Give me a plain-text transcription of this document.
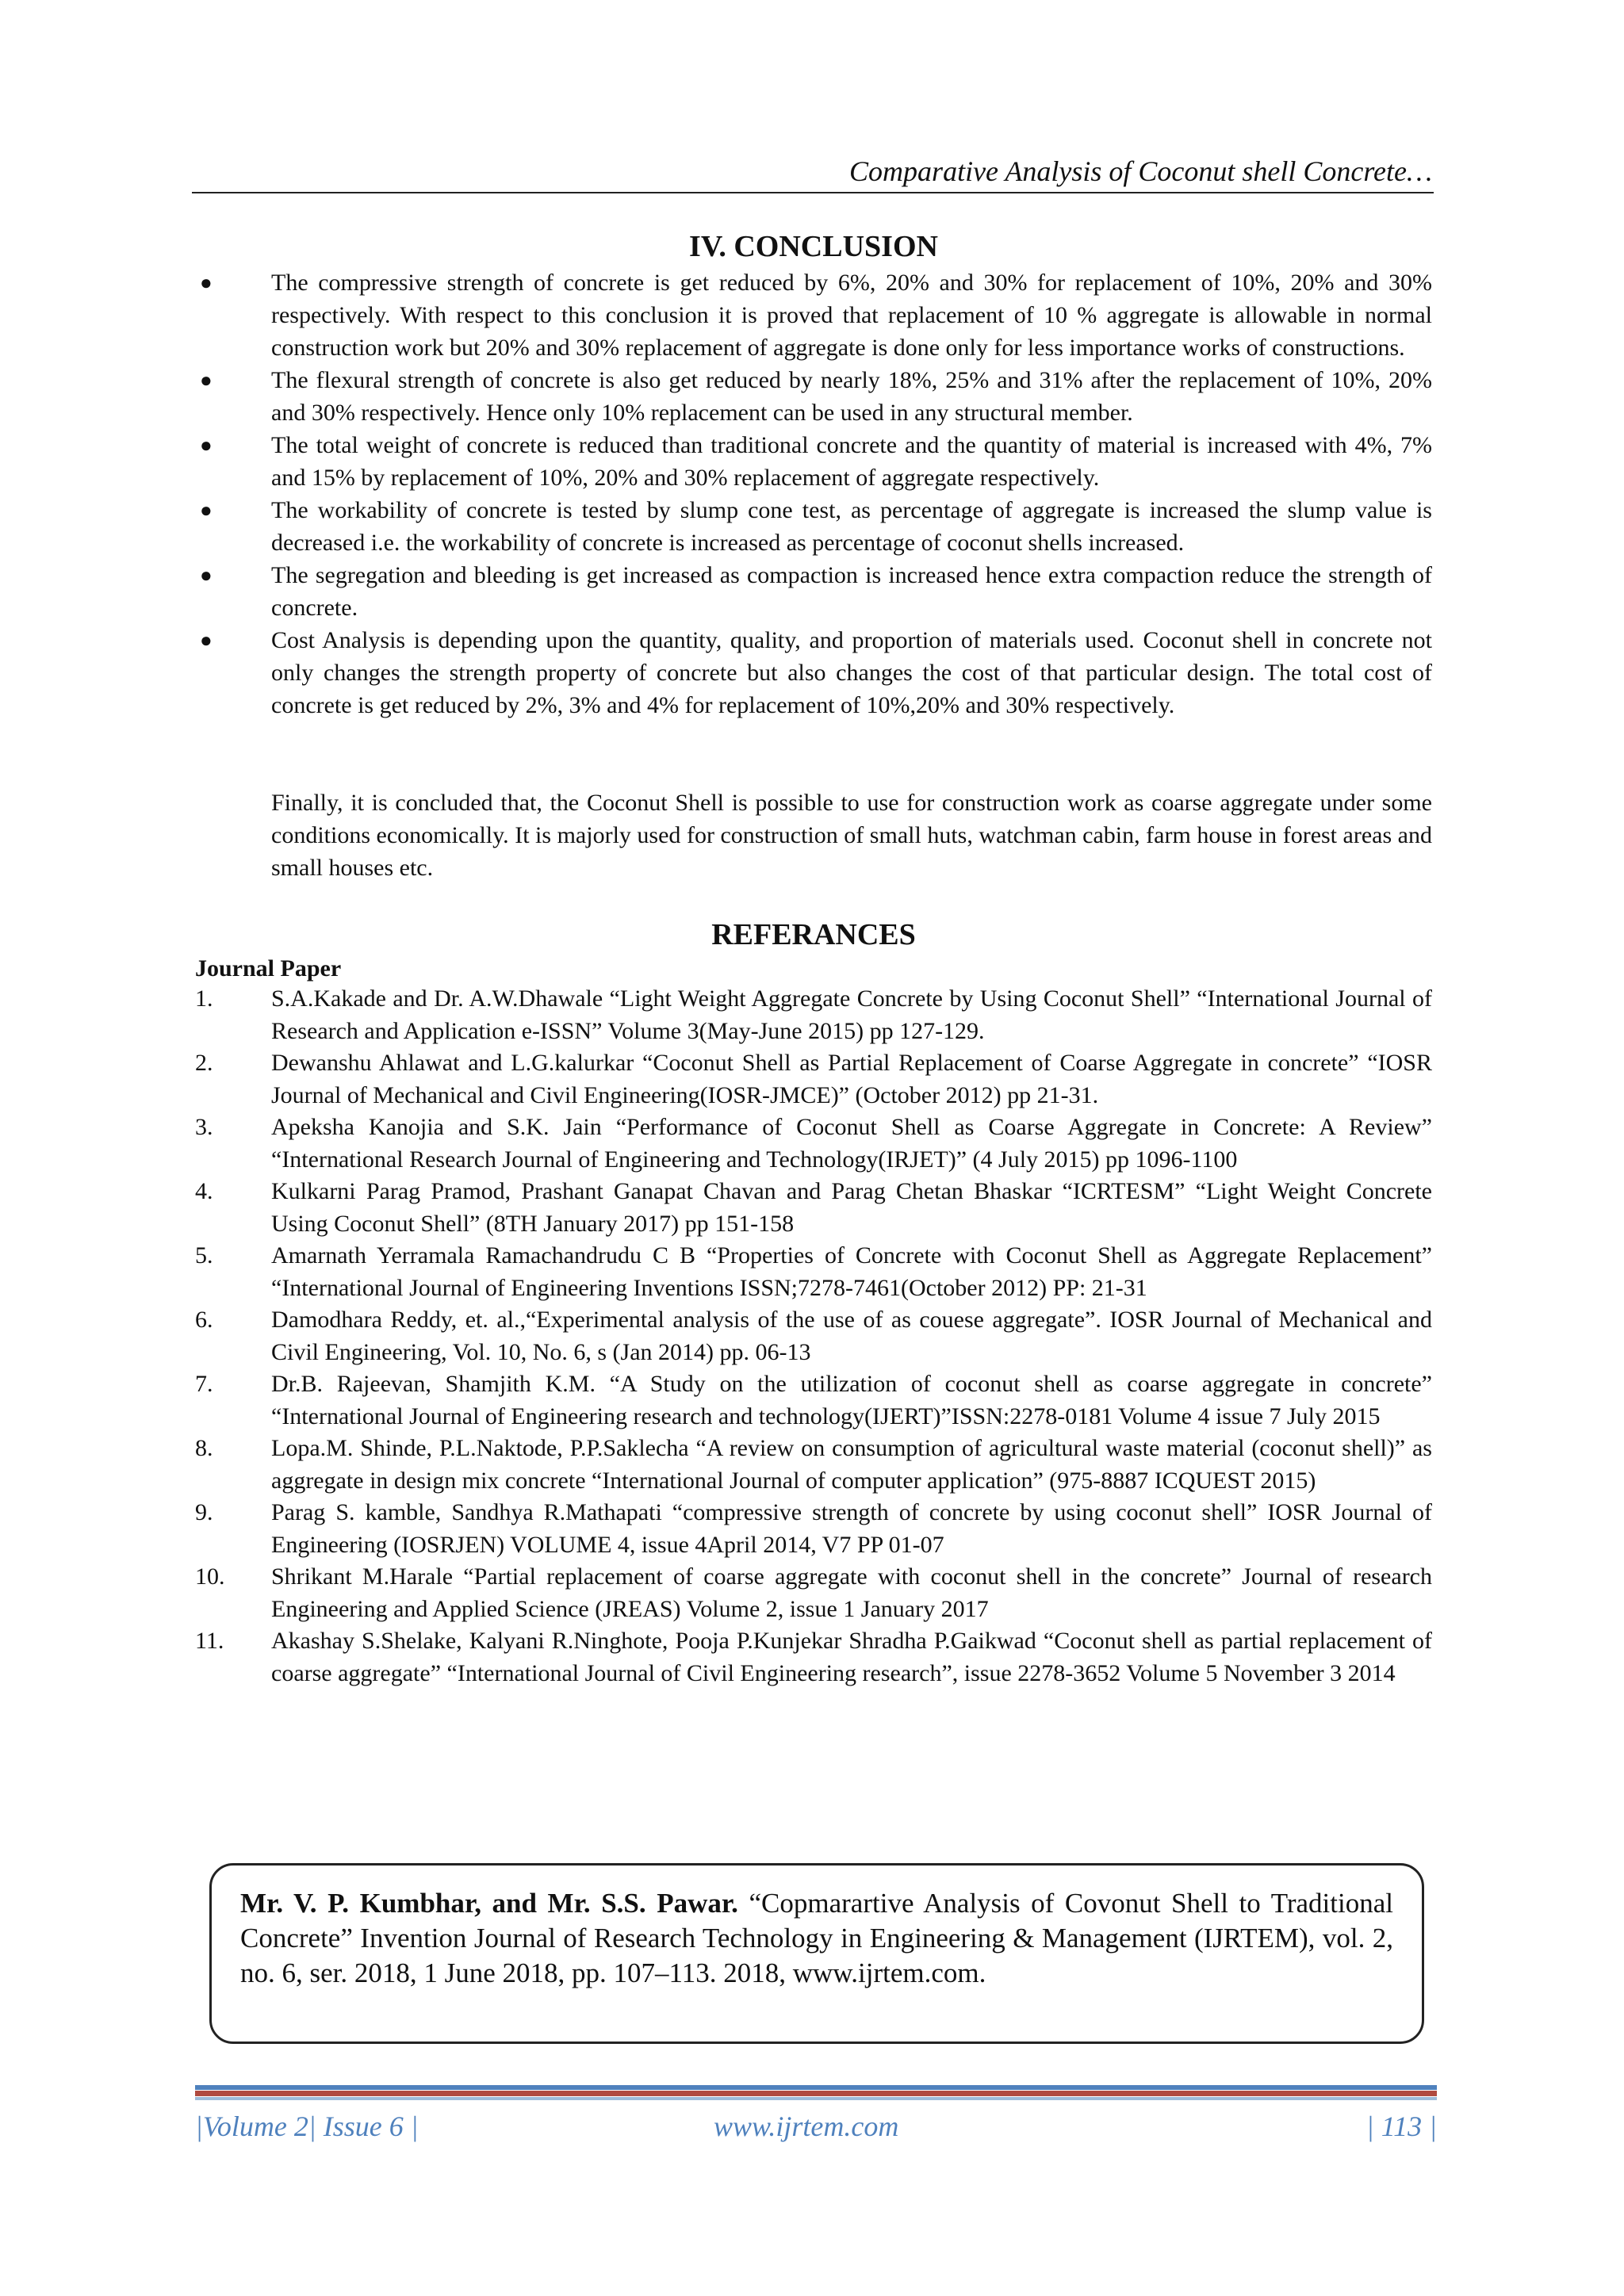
Comparative Analysis of Coconut shell Concrete…
IV. CONCLUSION
● The compressive strength of concrete is get reduced by 6%, 20% and 30% for replacement of 10%, 20% and 30% respectively. With respect to this conclusion it is proved that replacement of 10 % aggregate is allowable in normal construction work but 20% and 30% replacement of aggregate is done only for less importance works of constructions.

● The flexural strength of concrete is also get reduced by nearly 18%, 25% and 31% after the replacement of 10%, 20% and 30% respectively. Hence only 10% replacement can be used in any structural member.

● The total weight of concrete is reduced than traditional concrete and the quantity of material is increased with 4%, 7% and 15% by replacement of 10%, 20% and 30% replacement of aggregate respectively.

● The workability of concrete is tested by slump cone test, as percentage of aggregate is increased the slump value is decreased i.e. the workability of concrete is increased as percentage of coconut shells increased.

● The segregation and bleeding is get increased as compaction is increased hence extra compaction reduce the strength of concrete.

● Cost Analysis is depending upon the quantity, quality, and proportion of materials used. Coconut shell in concrete not only changes the strength property of concrete but also changes the cost of that particular design. The total cost of concrete is get reduced by 2%, 3% and 4% for replacement of 10%,20% and 30% respectively.

Finally, it is concluded that, the Coconut Shell is possible to use for construction work as coarse aggregate under some conditions economically. It is majorly used for construction of small huts, watchman cabin, farm house in forest areas and small houses etc.
REFERANCES
Journal Paper
1. S.A.Kakade and Dr. A.W.Dhawale “Light Weight Aggregate Concrete by Using Coconut Shell” “International Journal of Research and Application e-ISSN” Volume 3(May-June 2015) pp 127-129.
2. Dewanshu Ahlawat and L.G.kalurkar “Coconut Shell as Partial Replacement of Coarse Aggregate in concrete” “IOSR Journal of Mechanical and Civil Engineering(IOSR-JMCE)” (October 2012) pp 21-31.
3. Apeksha Kanojia and S.K. Jain “Performance of Coconut Shell as Coarse Aggregate in Concrete: A Review” “International Research Journal of Engineering and Technology(IRJET)” (4 July 2015) pp 1096-1100
4. Kulkarni Parag Pramod, Prashant Ganapat Chavan and Parag Chetan Bhaskar “ICRTESM” “Light Weight Concrete Using Coconut Shell” (8TH January 2017) pp 151-158
5. Amarnath Yerramala Ramachandrudu C B “Properties of Concrete with Coconut Shell as Aggregate Replacement” “International Journal of Engineering Inventions ISSN;7278-7461(October 2012) PP: 21-31
6. Damodhara Reddy, et. al.,“Experimental analysis of the use of as couese aggregate”. IOSR Journal of Mechanical and Civil Engineering, Vol. 10, No. 6, s (Jan 2014) pp. 06-13
7. Dr.B. Rajeevan, Shamjith K.M. “A Study on the utilization of coconut shell as coarse aggregate in concrete” “International Journal of Engineering research and technology(IJERT)”ISSN:2278-0181 Volume 4 issue 7 July 2015
8. Lopa.M. Shinde, P.L.Naktode, P.P.Saklecha “A review on consumption of agricultural waste material (coconut shell)” as aggregate in design mix concrete “International Journal of computer application” (975-8887 ICQUEST 2015)
9. Parag S. kamble, Sandhya R.Mathapati “compressive strength of concrete by using coconut shell” IOSR Journal of Engineering (IOSRJEN) VOLUME 4, issue 4April 2014, V7 PP 01-07
10. Shrikant M.Harale “Partial replacement of coarse aggregate with coconut shell in the concrete” Journal of research Engineering and Applied Science (JREAS) Volume 2, issue 1 January 2017
11. Akashay S.Shelake, Kalyani R.Ninghote, Pooja P.Kunjekar Shradha P.Gaikwad “Coconut shell as partial replacement of coarse aggregate” “International Journal of Civil Engineering research”, issue 2278-3652 Volume 5 November 3 2014
Mr. V. P. Kumbhar, and Mr. S.S. Pawar. “Copmarartive Analysis of Covonut Shell to Traditional Concrete” Invention Journal of Research Technology in Engineering & Management (IJRTEM), vol. 2, no. 6, ser. 2018, 1 June 2018, pp. 107–113. 2018, www.ijrtem.com.
|Volume 2| Issue 6 |	www.ijrtem.com	| 113 |
